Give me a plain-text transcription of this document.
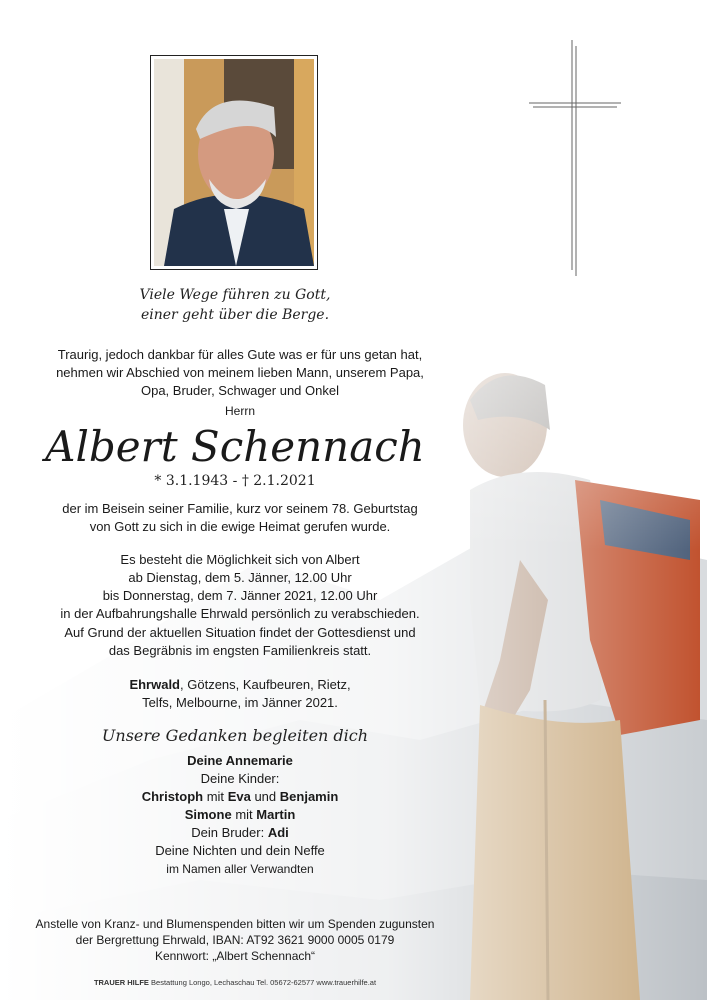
Viele Wege führen zu Gott,
einer geht über die Berge.
Traurig, jedoch dankbar für alles Gute was er für uns getan hat,
nehmen wir Abschied von meinem lieben Mann, unserem Papa,
Opa, Bruder, Schwager und Onkel
Herrn
Albert Schennach
* 3.1.1943 - † 2.1.2021
der im Beisein seiner Familie, kurz vor seinem 78. Geburtstag
von Gott zu sich in die ewige Heimat gerufen wurde.
Es besteht die Möglichkeit sich von Albert
ab Dienstag, dem 5. Jänner, 12.00 Uhr
bis Donnerstag, dem 7. Jänner 2021, 12.00 Uhr
in der Aufbahrungshalle Ehrwald persönlich zu verabschieden.
Auf Grund der aktuellen Situation findet der Gottesdienst und
das Begräbnis im engsten Familienkreis statt.
Ehrwald, Götzens, Kaufbeuren, Rietz,
Telfs, Melbourne, im Jänner 2021.
Unsere Gedanken begleiten dich
Deine Annemarie
Deine Kinder:
Christoph mit Eva und Benjamin
Simone mit Martin
Dein Bruder: Adi
Deine Nichten und dein Neffe
im Namen aller Verwandten
Anstelle von Kranz- und Blumenspenden bitten wir um Spenden zugunsten
der Bergrettung Ehrwald, IBAN: AT92 3621 9000 0005 0179
Kennwort: „Albert Schennach“
TRAUER HILFE Bestattung Longo, Lechaschau Tel. 05672-62577 www.trauerhilfe.at
